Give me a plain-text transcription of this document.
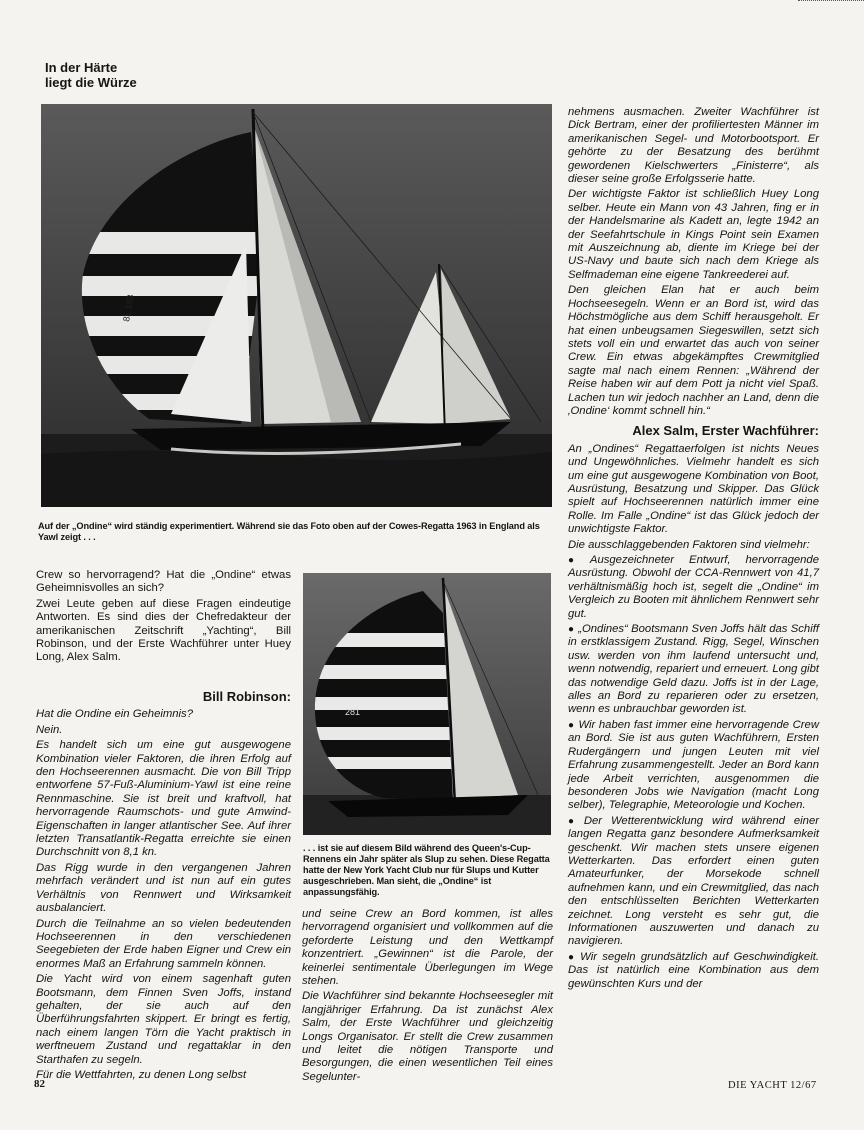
In der Härte
liegt die Würze
8L 183
Auf der „Ondine“ wird ständig experimentiert. Während sie das Foto oben auf der Cowes-Regatta 1963 in England als Yawl zeigt . . .
281
. . . ist sie auf diesem Bild während des Queen's-Cup-Rennens ein Jahr später als Slup zu sehen. Diese Regatta hatte der New York Yacht Club nur für Slups und Kutter ausgeschrieben. Man sieht, die „Ondine“ ist anpassungsfähig.

Crew so hervorragend? Hat die „Ondine“ etwas Geheimnisvolles an sich?

Zwei Leute geben auf diese Fragen eindeutige Antworten. Es sind dies der Chefredakteur der amerikanischen Zeitschrift „Yachting“, Bill Robinson, und der Erste Wachführer unter Huey Long, Alex Salm.

Bill Robinson:

Hat die Ondine ein Geheimnis?

Nein.

Es handelt sich um eine gut ausgewogene Kombination vieler Faktoren, die ihren Erfolg auf den Hochseerennen ausmacht. Die von Bill Tripp entworfene 57-Fuß-Aluminium-Yawl ist eine reine Rennmaschine. Sie ist breit und kraftvoll, hat hervorragende Raumschots- und gute Amwind-Eigenschaften in langer atlantischer See. Auf ihrer letzten Transatlantik-Regatta erreichte sie einen Durchschnitt von 8,1 kn.

Das Rigg wurde in den vergangenen Jahren mehrfach verändert und ist nun auf ein gutes Verhältnis von Rennwert und Wirksamkeit ausbalanciert.

Durch die Teilnahme an so vielen bedeutenden Hochseerennen in den verschiedenen Seegebieten der Erde haben Eigner und Crew ein enormes Maß an Erfahrung sammeln können.

Die Yacht wird von einem sagenhaft guten Bootsmann, dem Finnen Sven Joffs, instand gehalten, der sie auch auf den Überführungsfahrten skippert. Er bringt es fertig, nach einem langen Törn die Yacht praktisch in werftneuem Zustand und regattaklar in den Starthafen zu segeln.

Für die Wettfahrten, zu denen Long selbst

und seine Crew an Bord kommen, ist alles hervorragend organisiert und vollkommen auf die geforderte Leistung und den Wettkampf konzentriert. „Gewinnen“ ist die Parole, der keinerlei sentimentale Überlegungen im Wege stehen.

Die Wachführer sind bekannte Hochseesegler mit langjähriger Erfahrung. Da ist zunächst Alex Salm, der Erste Wachführer und gleichzeitig Longs Organisator. Er stellt die Crew zusammen und leitet die nötigen Transporte und Besorgungen, die einen wesentlichen Teil eines Segelunter-

nehmens ausmachen. Zweiter Wachführer ist Dick Bertram, einer der profiliertesten Männer im amerikanischen Segel- und Motorbootsport. Er gehörte zu der Besatzung des berühmt gewordenen Kielschwerters „Finisterre“, als dieser seine große Erfolgsserie hatte.

Der wichtigste Faktor ist schließlich Huey Long selber. Heute ein Mann von 43 Jahren, fing er in der Handelsmarine als Kadett an, legte 1942 an der Seefahrtschule in Kings Point sein Examen mit Auszeichnung ab, diente im Kriege bei der US-Navy und baute sich nach dem Kriege als Selfmademan eine eigene Tankreederei auf.

Den gleichen Elan hat er auch beim Hochseesegeln. Wenn er an Bord ist, wird das Höchstmögliche aus dem Schiff herausgeholt. Er hat einen unbeugsamen Siegeswillen, setzt sich stets voll ein und erwartet das auch von seiner Crew. Ein etwas abgekämpftes Crewmitglied sagte mal nach einem Rennen: „Während der Reise haben wir auf dem Pott ja nicht viel Spaß. Lachen tun wir jedoch nachher an Land, denn die ‚Ondine‘ kommt schnell hin.“

Alex Salm, Erster Wachführer:

An „Ondines“ Regattaerfolgen ist nichts Neues und Ungewöhnliches. Vielmehr handelt es sich um eine gut ausgewogene Kombination von Boot, Ausrüstung, Besatzung und Skipper. Das Glück spielt auf Hochseerennen natürlich immer eine Rolle. Im Falle „Ondine“ ist das Glück jedoch der unwichtigste Faktor.

Die ausschlaggebenden Faktoren sind vielmehr:

● Ausgezeichneter Entwurf, hervorragende Ausrüstung. Obwohl der CCA-Rennwert von 41,7 verhältnismäßig hoch ist, segelt die „Ondine“ im Vergleich zu Booten mit ähnlichem Rennwert sehr gut.

● „Ondines“ Bootsmann Sven Joffs hält das Schiff in erstklassigem Zustand. Rigg, Segel, Winschen usw. werden von ihm laufend untersucht und, wenn notwendig, repariert und erneuert. Long gibt das notwendige Geld dazu. Joffs ist in der Lage, alles an Bord zu reparieren oder zu ersetzen, wenn es unbrauchbar geworden ist.

● Wir haben fast immer eine hervorragende Crew an Bord. Sie ist aus guten Wachführern, Ersten Rudergängern und jungen Leuten mit viel Erfahrung zusammengestellt. Jeder an Bord kann jede Arbeit verrichten, ausgenommen die besonderen Jobs wie Navigation (macht Long selber), Telegraphie, Meteorologie und Kochen.

● Der Wetterentwicklung wird während einer langen Regatta ganz besondere Aufmerksamkeit geschenkt. Wir machen stets unsere eigenen Wetterkarten. Das erfordert einen guten Amateurfunker, der Morsekode schnell aufnehmen kann, und ein Crewmitglied, das nach den entschlüsselten Berichten Wetterkarten zeichnet. Long versteht es sehr gut, die Informationen auszuwerten und danach zu navigieren.

● Wir segeln grundsätzlich auf Geschwindigkeit. Das ist natürlich eine Kombination aus dem gewünschten Kurs und der

82	DIE YACHT 12/67
